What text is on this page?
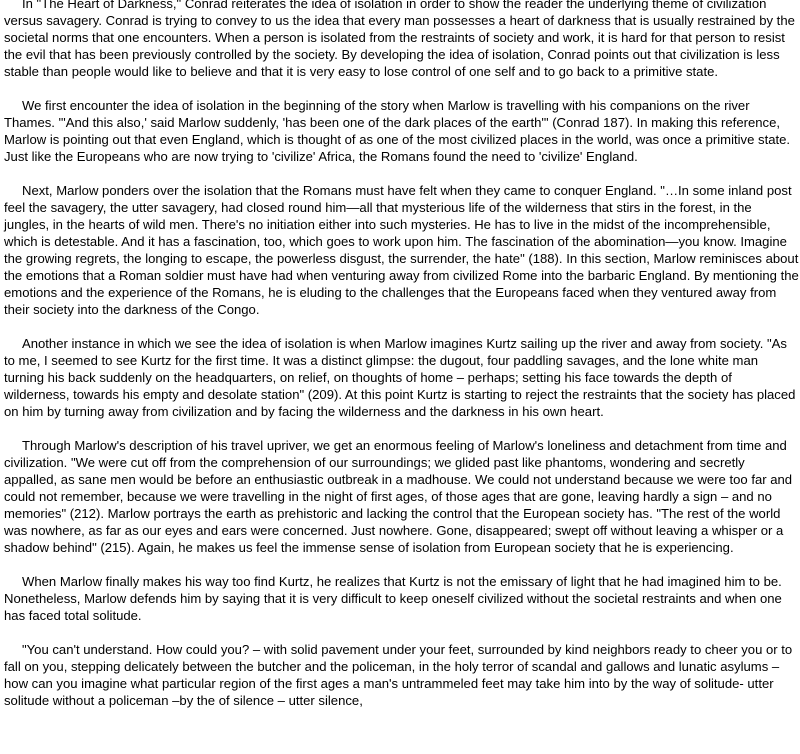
In "The Heart of Darkness," Conrad reiterates the idea of isolation in order to show the reader the underlying theme of civilization versus savagery. Conrad is trying to convey to us the idea that every man possesses a heart of darkness that is usually restrained by the societal norms that one encounters. When a person is isolated from the restraints of society and work, it is hard for that person to resist the evil that has been previously controlled by the society. By developing the idea of isolation, Conrad points out that civilization is less stable than people would like to believe and that it is very easy to lose control of one self and to go back to a primitive state.

We first encounter the idea of isolation in the beginning of the story when Marlow is travelling with his companions on the river Thames. "'And this also,' said Marlow suddenly, 'has been one of the dark places of the earth'" (Conrad 187). In making this reference, Marlow is pointing out that even England, which is thought of as one of the most civilized places in the world, was once a primitive state. Just like the Europeans who are now trying to 'civilize' Africa, the Romans found the need to 'civilize' England.

Next, Marlow ponders over the isolation that the Romans must have felt when they came to conquer England. "…In some inland post feel the savagery, the utter savagery, had closed round him—all that mysterious life of the wilderness that stirs in the forest, in the jungles, in the hearts of wild men. There's no initiation either into such mysteries. He has to live in the midst of the incomprehensible, which is detestable. And it has a fascination, too, which goes to work upon him. The fascination of the abomination—you know. Imagine the growing regrets, the longing to escape, the powerless disgust, the surrender, the hate" (188). In this section, Marlow reminisces about the emotions that a Roman soldier must have had when venturing away from civilized Rome into the barbaric England. By mentioning the emotions and the experience of the Romans, he is eluding to the challenges that the Europeans faced when they ventured away from their society into the darkness of the Congo.

Another instance in which we see the idea of isolation is when Marlow imagines Kurtz sailing up the river and away from society. "As to me, I seemed to see Kurtz for the first time. It was a distinct glimpse: the dugout, four paddling savages, and the lone white man turning his back suddenly on the headquarters, on relief, on thoughts of home – perhaps; setting his face towards the depth of wilderness, towards his empty and desolate station" (209). At this point Kurtz is starting to reject the restraints that the society has placed on him by turning away from civilization and by facing the wilderness and the darkness in his own heart.

Through Marlow's description of his travel upriver, we get an enormous feeling of Marlow's loneliness and detachment from time and civilization. "We were cut off from the comprehension of our surroundings; we glided past like phantoms, wondering and secretly appalled, as sane men would be before an enthusiastic outbreak in a madhouse. We could not understand because we were too far and could not remember, because we were travelling in the night of first ages, of those ages that are gone, leaving hardly a sign – and no memories" (212). Marlow portrays the earth as prehistoric and lacking the control that the European society has. "The rest of the world was nowhere, as far as our eyes and ears were concerned. Just nowhere. Gone, disappeared; swept off without leaving a whisper or a shadow behind" (215). Again, he makes us feel the immense sense of isolation from European society that he is experiencing.

When Marlow finally makes his way too find Kurtz, he realizes that Kurtz is not the emissary of light that he had imagined him to be. Nonetheless, Marlow defends him by saying that it is very difficult to keep oneself civilized without the societal restraints and when one has faced total solitude.

"You can't understand. How could you? – with solid pavement under your feet, surrounded by kind neighbors ready to cheer you or to fall on you, stepping delicately between the butcher and the policeman, in the holy terror of scandal and gallows and lunatic asylums – how can you imagine what particular region of the first ages a man's untrammeled feet may take him into by the way of solitude- utter solitude without a policeman –by the of silence – utter silence,
